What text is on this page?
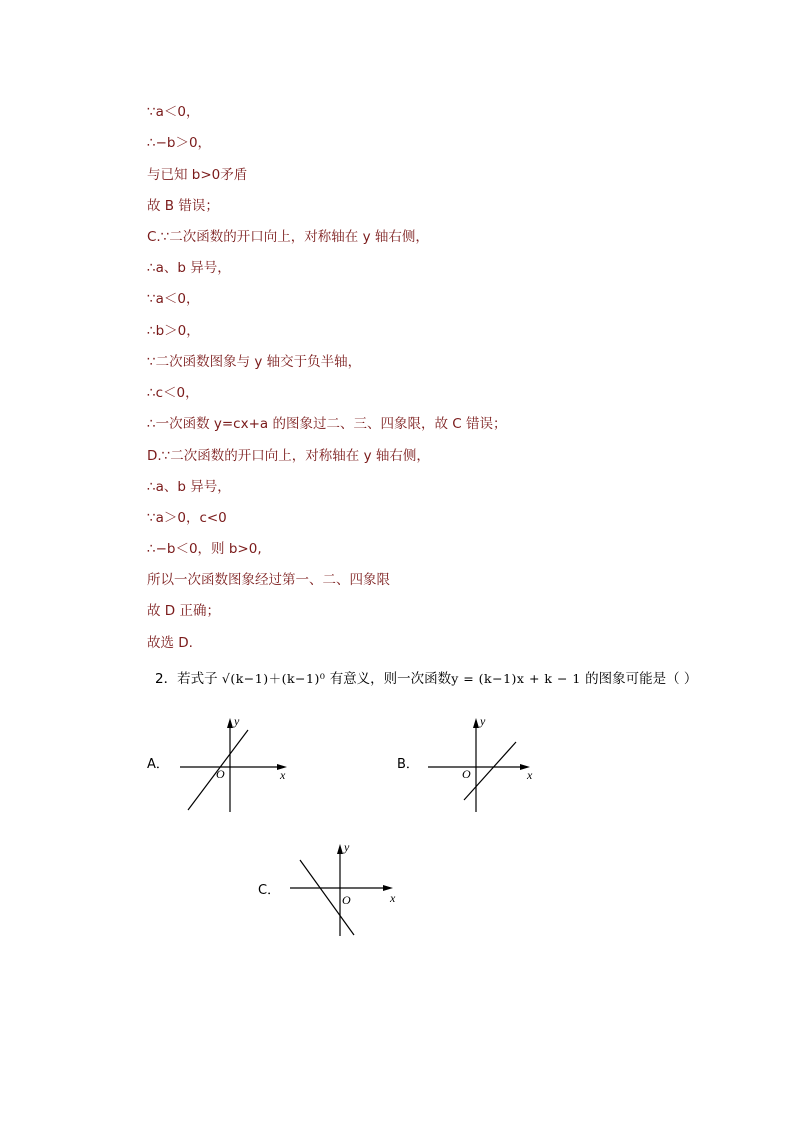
∵a＜0，
∴−b＞0，
与已知 b>0矛盾
故 B 错误；
C.∵二次函数的开口向上，对称轴在 y 轴右侧，
∴a、b 异号，
∵a＜0，
∴b＞0，
∵二次函数图象与 y 轴交于负半轴，
∴c＜0，
∴一次函数 y=cx+a 的图象过二、三、四象限，故 C 错误；
D.∵二次函数的开口向上，对称轴在 y 轴右侧，
∴a、b 异号，
∵a＞0，c<0
∴−b＜0，则 b>0,
所以一次函数图象经过第一、二、四象限
故 D 正确；
故选 D.
2．若式子 √(k−1)＋(k−1)⁰ 有意义，则一次函数y = (k−1)x + k − 1 的图象可能是（ ）
A．
x
y
O
B．
x
y
O
C．	x
y
O
